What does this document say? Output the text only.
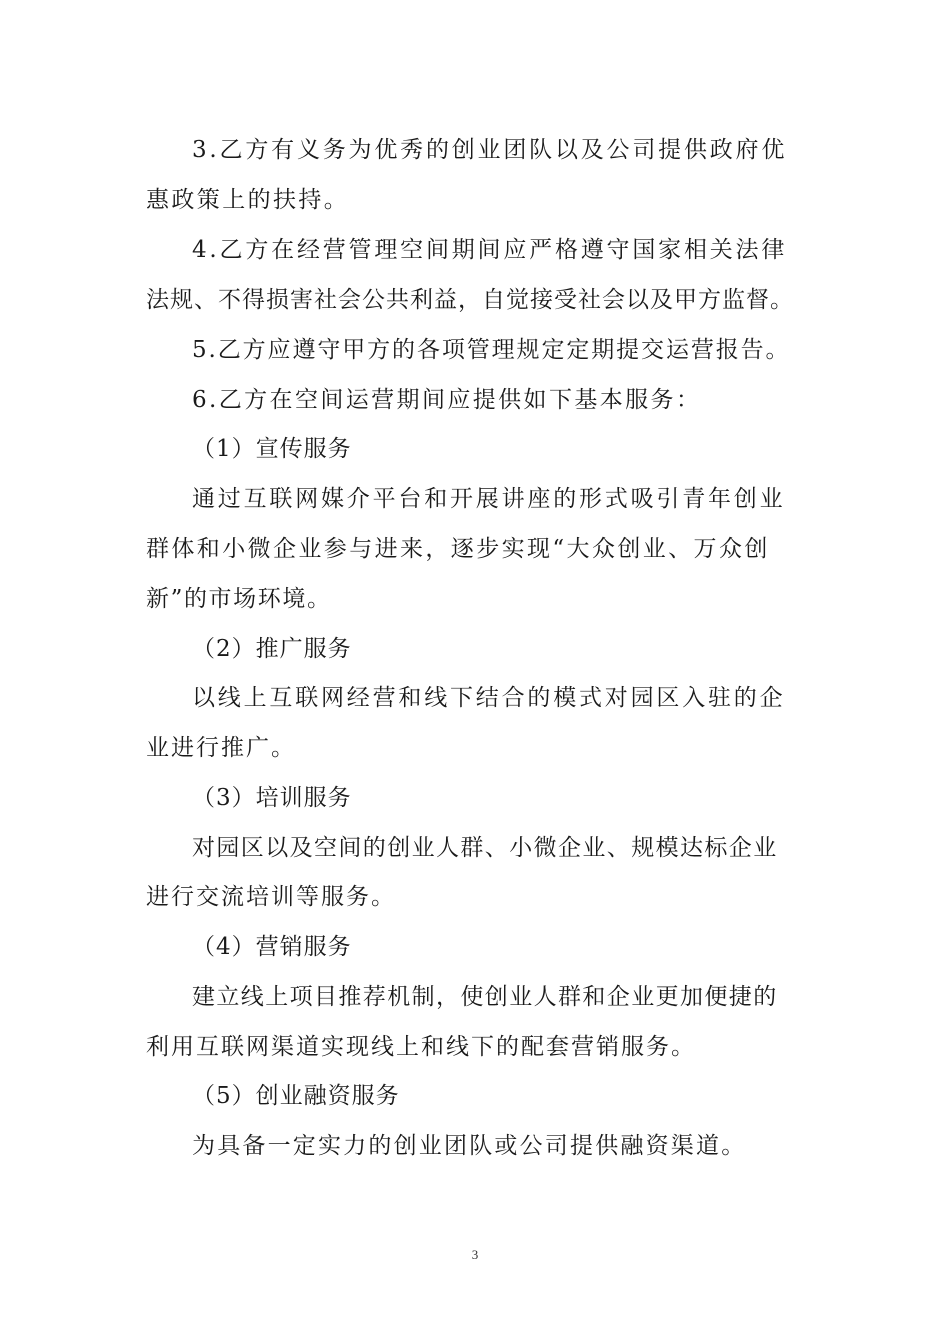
3.乙方有义务为优秀的创业团队以及公司提供政府优
惠政策上的扶持。
4.乙方在经营管理空间期间应严格遵守国家相关法律
法规、不得损害社会公共利益，自觉接受社会以及甲方监督。
5.乙方应遵守甲方的各项管理规定定期提交运营报告。
6.乙方在空间运营期间应提供如下基本服务：
（1）宣传服务
通过互联网媒介平台和开展讲座的形式吸引青年创业
群体和小微企业参与进来，逐步实现“大众创业、万众创
新”的市场环境。
（2）推广服务
以线上互联网经营和线下结合的模式对园区入驻的企
业进行推广。
（3）培训服务
对园区以及空间的创业人群、小微企业、规模达标企业
进行交流培训等服务。
（4）营销服务
建立线上项目推荐机制，使创业人群和企业更加便捷的
利用互联网渠道实现线上和线下的配套营销服务。
（5）创业融资服务
为具备一定实力的创业团队或公司提供融资渠道。
3
